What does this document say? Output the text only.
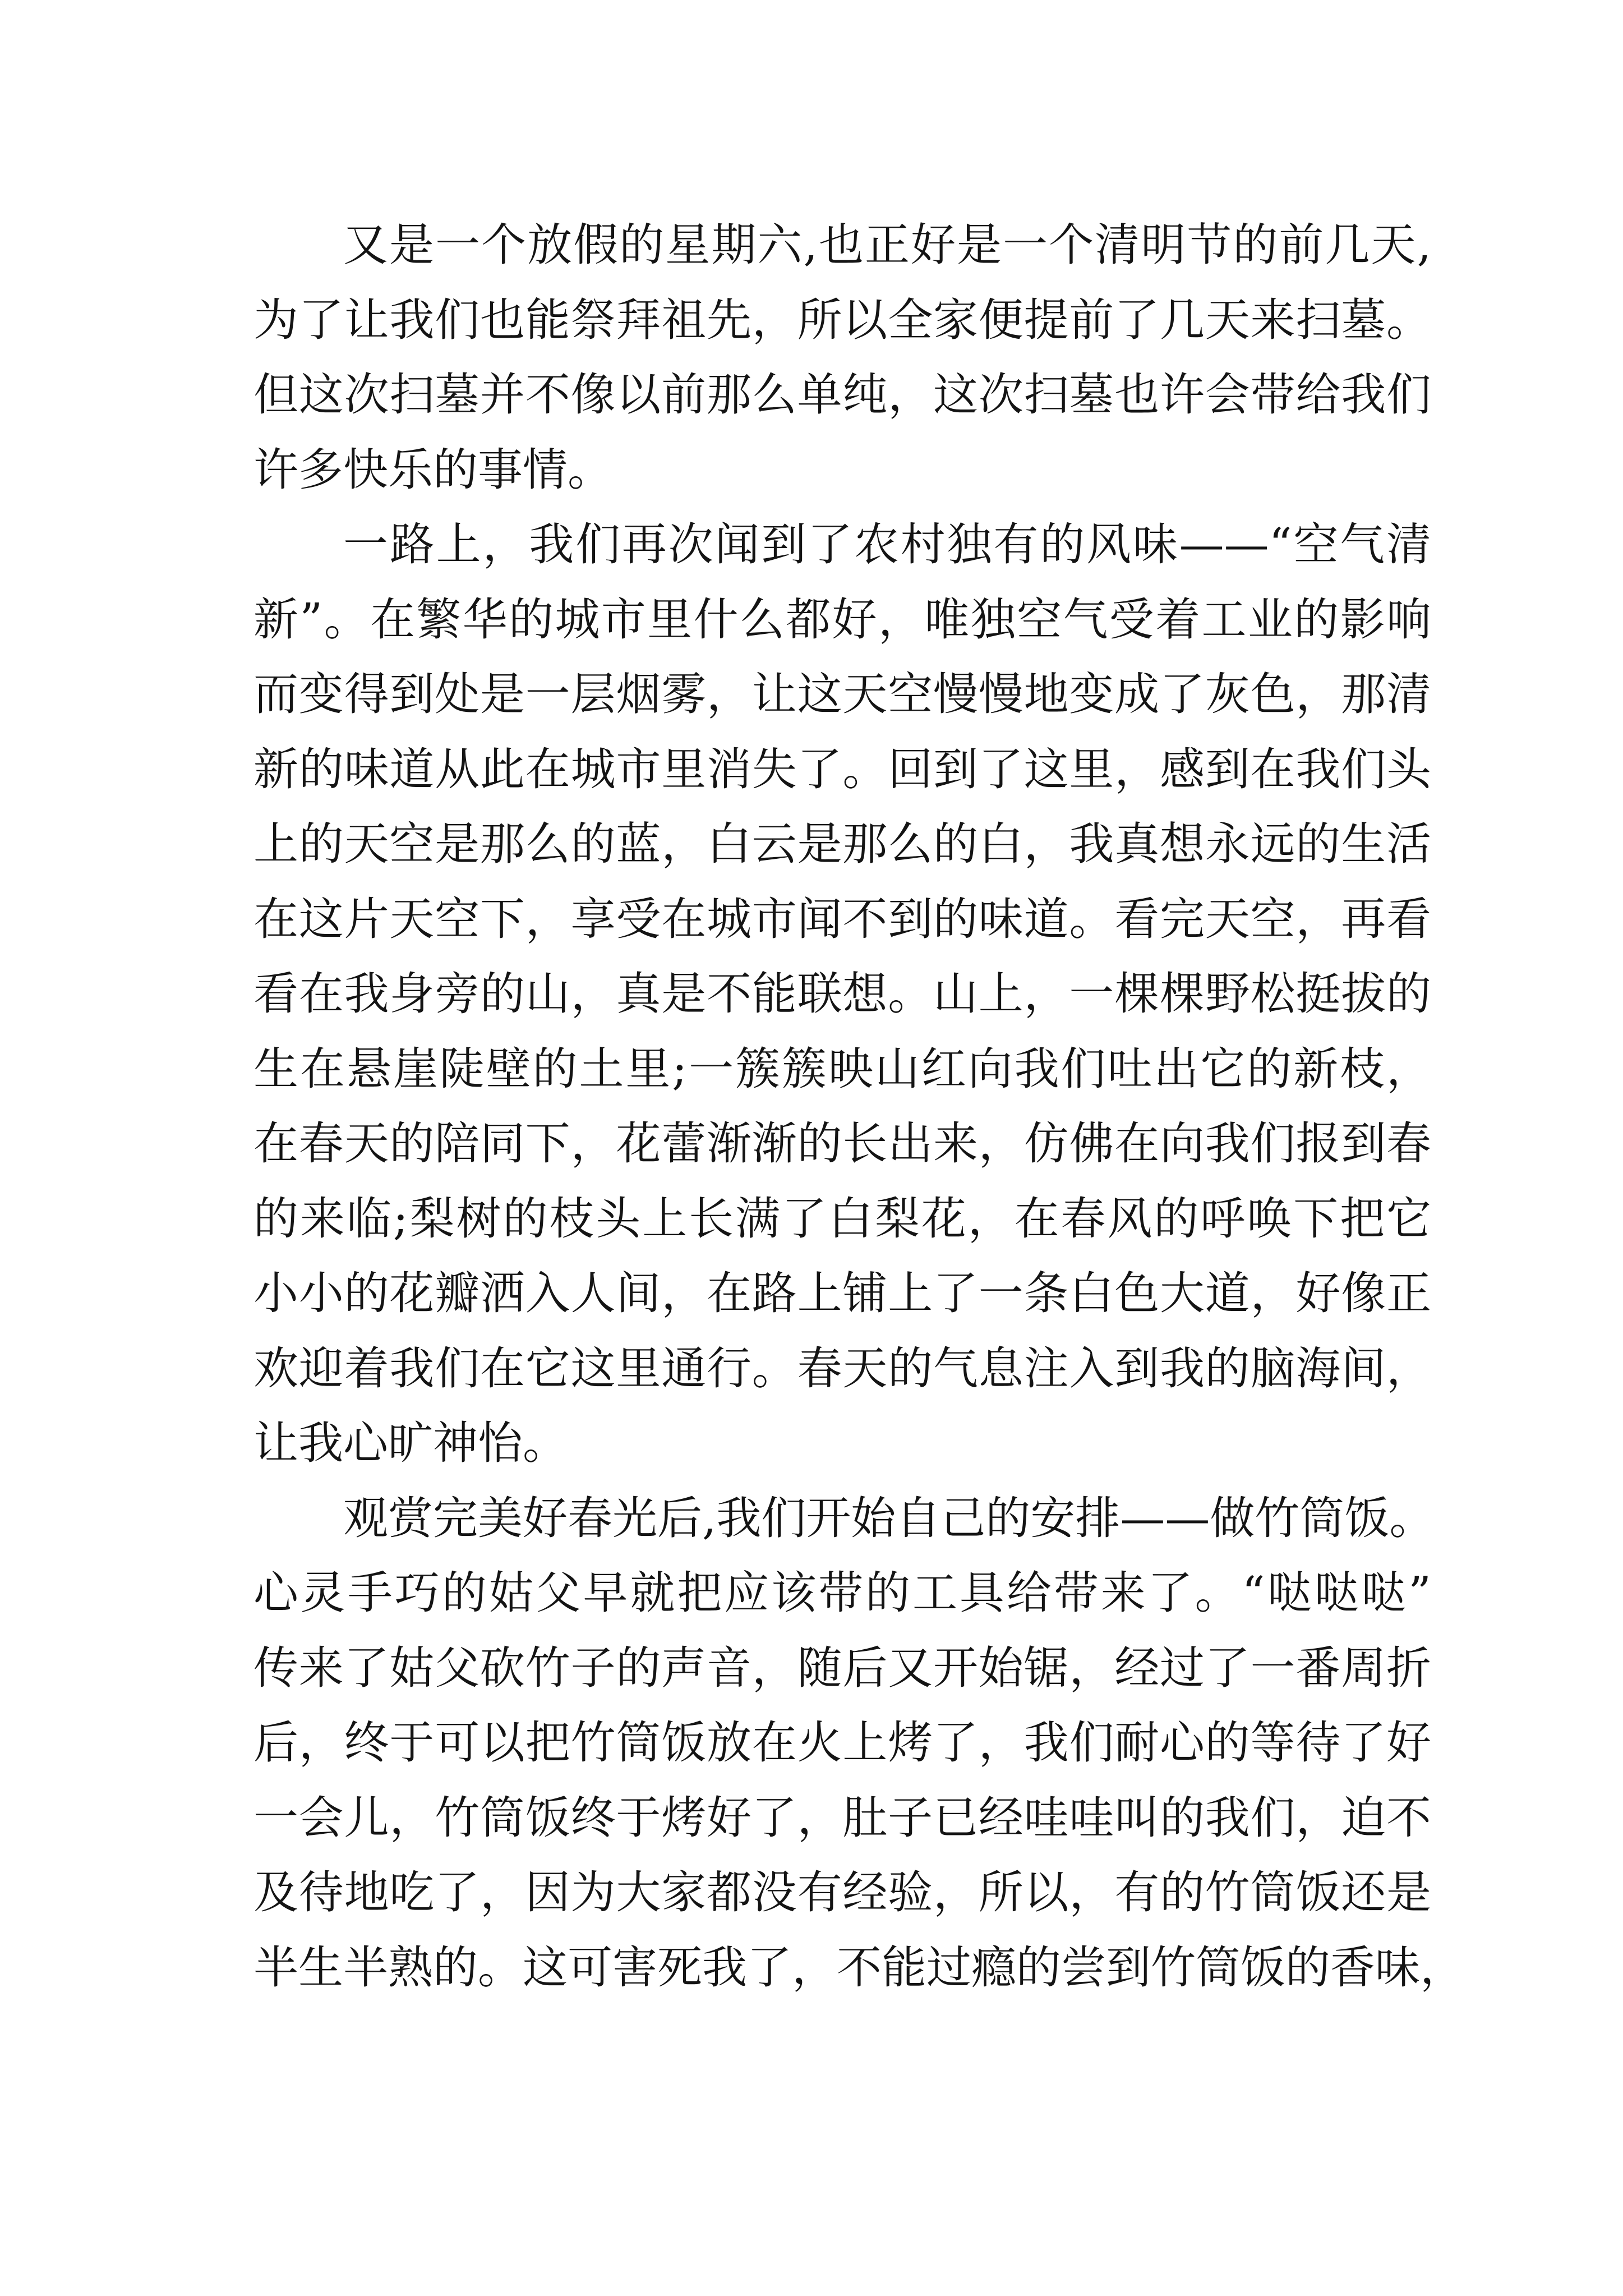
又是一个放假的星期六,也正好是一个清明节的前几天,
为了让我们也能祭拜祖先，所以全家便提前了几天来扫墓。
但这次扫墓并不像以前那么单纯，这次扫墓也许会带给我们
许多快乐的事情。
一路上，我们再次闻到了农村独有的风味——“空气清
新”。在繁华的城市里什么都好，唯独空气受着工业的影响
而变得到处是一层烟雾，让这天空慢慢地变成了灰色，那清
新的味道从此在城市里消失了。回到了这里，感到在我们头
上的天空是那么的蓝，白云是那么的白，我真想永远的生活
在这片天空下，享受在城市闻不到的味道。看完天空，再看
看在我身旁的山，真是不能联想。山上，一棵棵野松挺拔的
生在悬崖陡壁的土里;一簇簇映山红向我们吐出它的新枝，
在春天的陪同下，花蕾渐渐的长出来，仿佛在向我们报到春
的来临;梨树的枝头上长满了白梨花，在春风的呼唤下把它
小小的花瓣洒入人间，在路上铺上了一条白色大道，好像正
欢迎着我们在它这里通行。春天的气息注入到我的脑海间，
让我心旷神怡。
观赏完美好春光后,我们开始自己的安排——做竹筒饭。
心灵手巧的姑父早就把应该带的工具给带来了。“哒哒哒”
传来了姑父砍竹子的声音，随后又开始锯，经过了一番周折
后，终于可以把竹筒饭放在火上烤了，我们耐心的等待了好
一会儿，竹筒饭终于烤好了，肚子已经哇哇叫的我们，迫不
及待地吃了，因为大家都没有经验，所以，有的竹筒饭还是
半生半熟的。这可害死我了，不能过瘾的尝到竹筒饭的香味，
